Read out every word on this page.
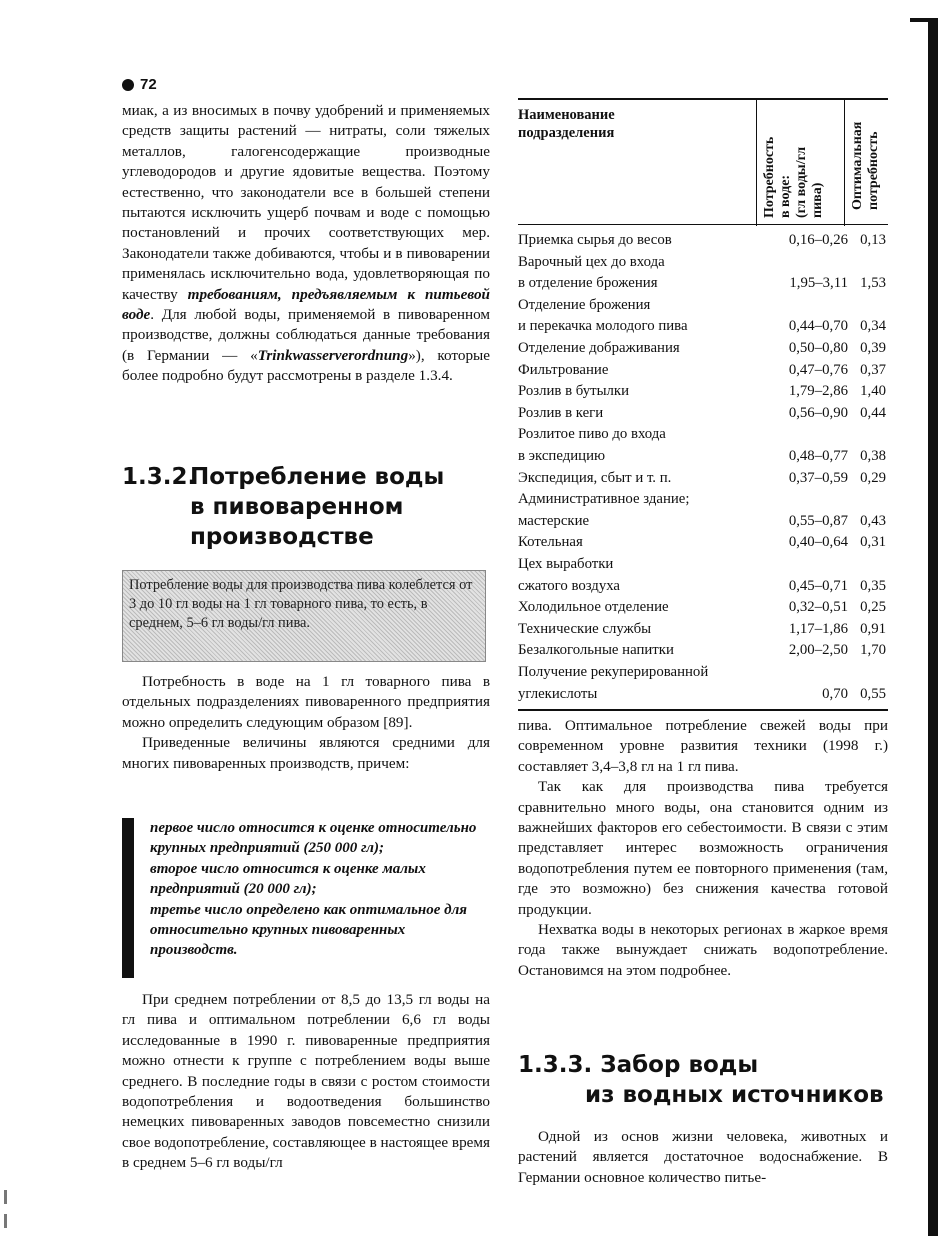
72

миак, а из вносимых в почву удобрений и применяемых средств защиты растений — нитраты, соли тяжелых металлов, галогенсодержащие производные углеводородов и другие ядовитые вещества. Поэтому естественно, что законодатели все в большей степени пытаются исключить ущерб почвам и воде с помощью постановлений и прочих соответствующих мер. Законодатели также добиваются, чтобы и в пивоварении применялась исключительно вода, удовлетворяющая по качеству требованиям, предъявляемым к питьевой воде. Для любой воды, применяемой в пивоваренном производстве, должны соблюдаться данные требования (в Германии — «Trinkwasserverordnung»), которые более подробно будут рассмотрены в разделе 1.3.4.

1.3.2.Потребление воды
в пивоваренном
производстве
Потребление воды для производства пива колеблется от 3 до 10 гл воды на 1 гл товарного пива, то есть, в среднем, 5–6 гл воды/гл пива.

Потребность в воде на 1 гл товарного пива в отдельных подразделениях пивоваренного предприятия можно определить следующим образом [89].

Приведенные величины являются средними для многих пивоваренных производств, причем:

первое число относится к оценке относительно крупных предприятий (250 000 гл);

второе число относится к оценке малых предприятий (20 000 гл);

третье число определено как оптимальное для относительно крупных пивоваренных производств.

При среднем потреблении от 8,5 до 13,5 гл воды на гл пива и оптимальном потреблении 6,6 гл воды исследованные в 1990 г. пивоваренные предприятия можно отнести к группе с потреблением воды выше среднего. В последние годы в связи с ростом стоимости водопотребления и водоотведения большинство немецких пивоваренных заводов повсеместно снизили свое водопотребление, составляющее в настоящее время в среднем 5–6 гл воды/гл

Наименование
подразделения
Потребность в воде: (гл воды/гл пива) Оптимальная потребность
Приемка сырья до весов	0,16–0,26 0,13
Варочный цех до входа
в отделение брожения	1,95–3,11 1,53
Отделение брожения
и перекачка молодого пива	0,44–0,70 0,34
Отделение дображивания	0,50–0,80 0,39
Фильтрование	0,47–0,76 0,37
Розлив в бутылки	1,79–2,86 1,40
Розлив в кеги	0,56–0,90 0,44
Розлитое пиво до входа
в экспедицию	0,48–0,77 0,38
Экспедиция, сбыт и т. п.	0,37–0,59 0,29
Административное здание;
мастерские	0,55–0,87 0,43
Котельная	0,40–0,64 0,31
Цех выработки
сжатого воздуха	0,45–0,71 0,35
Холодильное отделение	0,32–0,51 0,25
Технические службы	1,17–1,86 0,91
Безалкогольные напитки	2,00–2,50 1,70
Получение рекуперированной
углекислоты	0,70 0,55

пива. Оптимальное потребление свежей воды при современном уровне развития техники (1998 г.) составляет 3,4–3,8 гл на 1 гл пива.

Так как для производства пива требуется сравнительно много воды, она становится одним из важнейших факторов его себестоимости. В связи с этим представляет интерес возможность ограничения водопотребления путем ее повторного применения (там, где это возможно) без снижения качества готовой продукции.

Нехватка воды в некоторых регионах в жаркое время года также вынуждает снижать водопотребление. Остановимся на этом подробнее.

1.3.3. Забор воды
из водных источников

Одной из основ жизни человека, животных и растений является достаточное водоснабжение. В Германии основное количество питье-
